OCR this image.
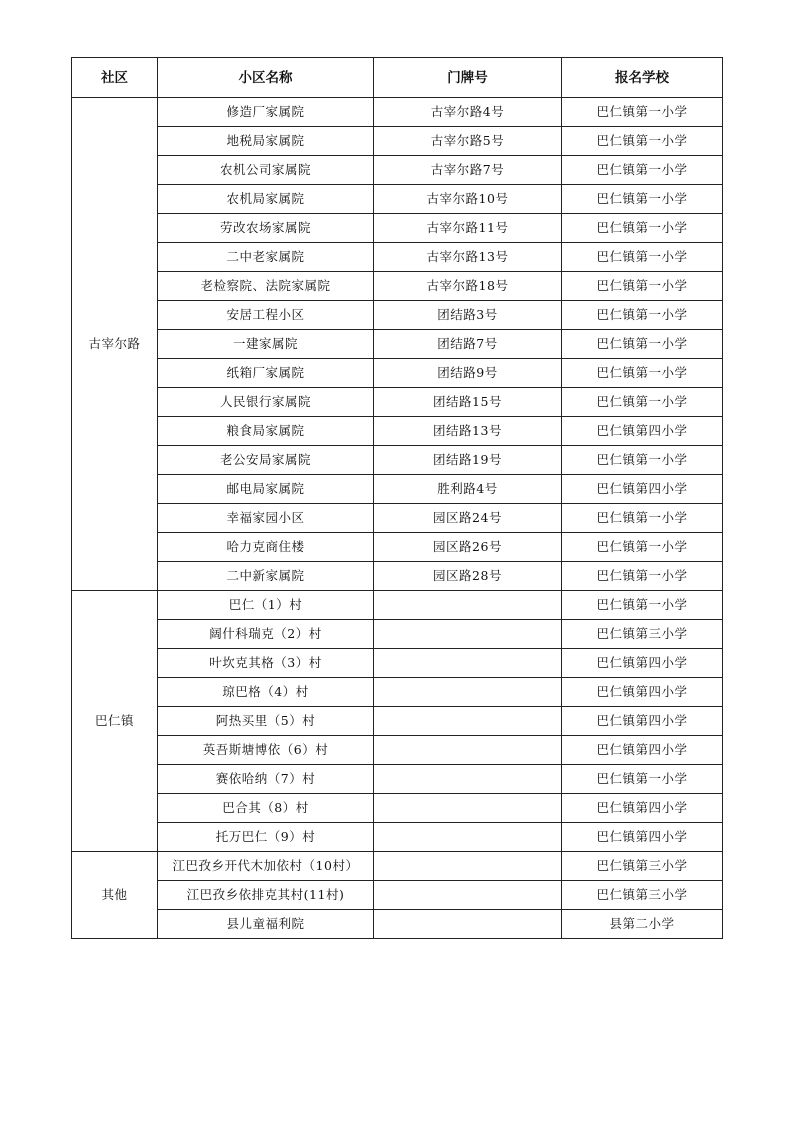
社区	小区名称	门牌号	报名学校
古宰尔路	修造厂家属院	古宰尔路4号	巴仁镇第一小学
	地税局家属院	古宰尔路5号	巴仁镇第一小学
	农机公司家属院	古宰尔路7号	巴仁镇第一小学
	农机局家属院	古宰尔路10号	巴仁镇第一小学
	劳改农场家属院	古宰尔路11号	巴仁镇第一小学
	二中老家属院	古宰尔路13号	巴仁镇第一小学
	老检察院、法院家属院	古宰尔路18号	巴仁镇第一小学
	安居工程小区	团结路3号	巴仁镇第一小学
	一建家属院	团结路7号	巴仁镇第一小学
	纸箱厂家属院	团结路9号	巴仁镇第一小学
	人民银行家属院	团结路15号	巴仁镇第一小学
	粮食局家属院	团结路13号	巴仁镇第四小学
	老公安局家属院	团结路19号	巴仁镇第一小学
	邮电局家属院	胜利路4号	巴仁镇第四小学
	幸福家园小区	园区路24号	巴仁镇第一小学
	哈力克商住楼	园区路26号	巴仁镇第一小学
	二中新家属院	园区路28号	巴仁镇第一小学
巴仁镇	巴仁（1）村		巴仁镇第一小学
	阔什科瑞克（2）村		巴仁镇第三小学
	叶坎克其格（3）村		巴仁镇第四小学
	琼巴格（4）村		巴仁镇第四小学
	阿热买里（5）村		巴仁镇第四小学
	英吾斯塘博依（6）村		巴仁镇第四小学
	赛依哈纳（7）村		巴仁镇第一小学
	巴合其（8）村		巴仁镇第四小学
	托万巴仁（9）村		巴仁镇第四小学
其他	江巴孜乡开代木加依村（10村）		巴仁镇第三小学
	江巴孜乡依排克其村(11村)		巴仁镇第三小学
	县儿童福利院		县第二小学
